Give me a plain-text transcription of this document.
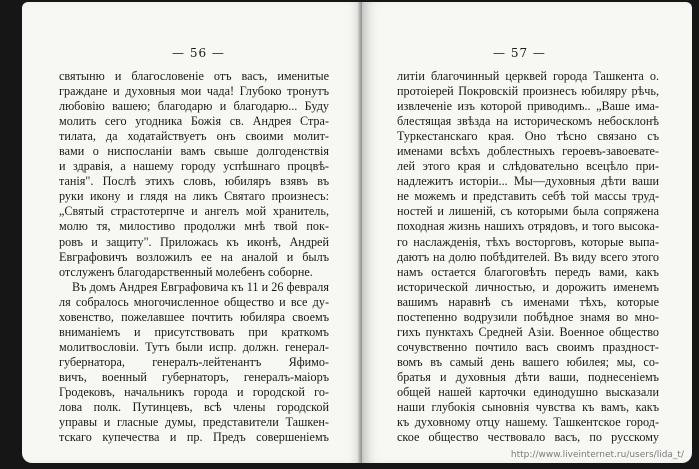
— 56 —
святыню и благословеніе отъ васъ, именитые
граждане и духовныя мои чада! Глубоко тронутъ
любовію вашею; благодарю и благодарю... Буду
молить сего угодника Божія св. Андрея Стра-
тилата, да ходатайствуетъ онъ своими молит-
вами о ниспосланіи вамъ свыше долгоденствія
и здравія, а нашему городу успѣшнаго процвѣ-
танія". Послѣ этихъ словъ, юбиляръ взявъ въ
руки икону и глядя на ликъ Святаго произнесъ:
„Святый страстотерпче и ангелъ мой хранитель,
молю тя, милостиво продолжи мнѣ твой пок-
ровъ и защиту". Приложась къ иконѣ, Андрей
Евграфовичъ возложилъ ее на аналой и былъ
отслуженъ благодарственный молебенъ соборне.
Въ домъ Андрея Евграфовича къ 11 и 26 февраля
ля собралось многочисленное общество и все ду-
ховенство, пожелавшее почтить юбиляра своемъ
вниманіемъ и присутствовать при краткомъ
молитвословіи. Тутъ были испр. должн. генерал-
губернатора, генералъ-лейтенантъ Яфимо-
вичъ, военный губернаторъ, генералъ-маіоръ
Гродековъ, начальникъ города и городской го-
лова полк. Путинцевъ, всѣ члены городской
управы и гласные думы, представители Ташкен-
тскаго купечества и пр. Предъ совершеніемъ
— 57 —
литіи благочинный церквей города Ташкента о.
протоіерей Покровскій произнесъ юбиляру рѣчь,
извлеченіе изъ которой приводимъ.. „Ваше има-
блестящая звѣзда на историческомъ небосклонѣ
Туркестанскаго края. Оно тѣсно связано съ
именами всѣхъ доблестныхъ героевъ-завоевате-
лей этого края и слѣдовательно всецѣло при-
надлежитъ исторіи... Мы—духовныя дѣти ваши
не можемъ и представить себѣ той массы труд-
ностей и лишеній, съ которыми была сопряжена
походная жизнь нашихъ отрядовъ, и того высока-
го наслажденія, тѣхъ восторговъ, которые выпа-
даютъ на долю побѣдителей. Въ виду всего этого
намъ остается благоговѣть передъ вами, какъ
исторической личностью, и дорожить именемъ
вашимъ наравнѣ съ именами тѣхъ, которые
постепенно водрузили побѣдное знамя во мно-
гихъ пунктахъ Средней Азіи. Военное общество
сочувственно почтило васъ своимъ праздност-
вомъ въ самый день вашего юбилея; мы, со-
братья и духовныя дѣти ваши, поднесеніемъ
общей нашей карточки единодушно высказали
наши глубокія сыновнія чувства къ вамъ, какъ
къ духовному отцу нашему. Ташкентское город-
ское общество чествовало васъ, по русскому
http://www.liveinternet.ru/users/lida_t/
